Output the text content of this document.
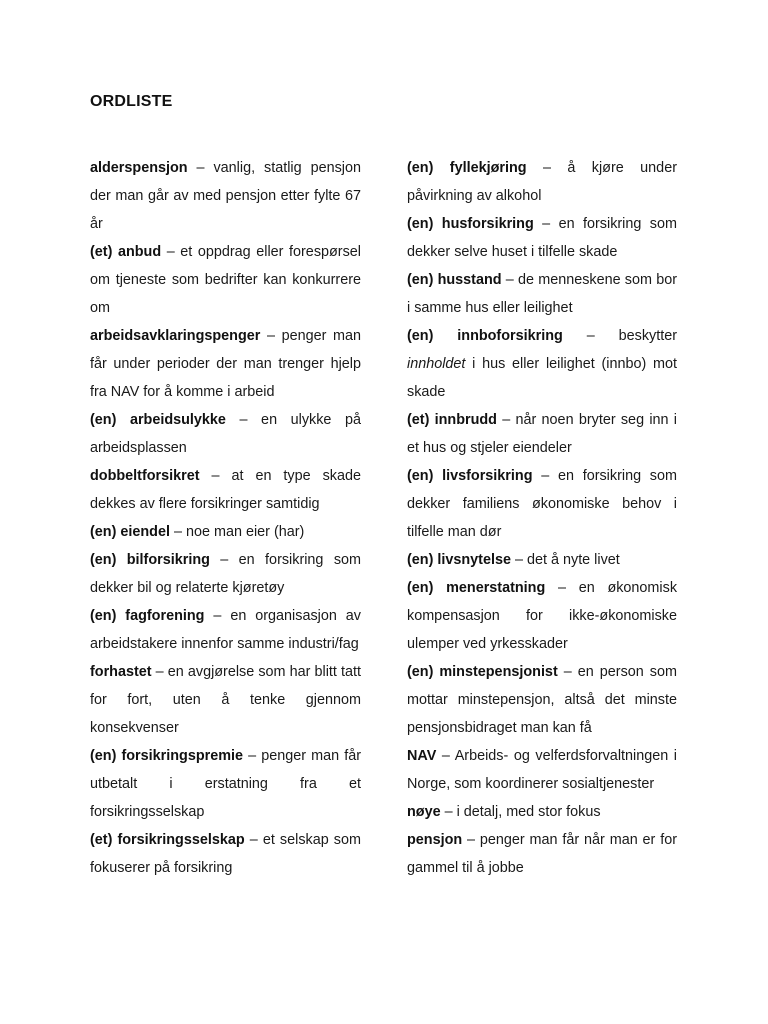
ORDLISTE

alderspensjon – vanlig, statlig pensjon der man går av med pensjon etter fylte 67 år

(et) anbud – et oppdrag eller forespørsel om tjeneste som bedrifter kan konkurrere om

arbeidsavklaringspenger – penger man får under perioder der man trenger hjelp fra NAV for å komme i arbeid

(en) arbeidsulykke – en ulykke på arbeidsplassen

dobbeltforsikret – at en type skade dekkes av flere forsikringer samtidig

(en) eiendel – noe man eier (har)

(en) bilforsikring – en forsikring som dekker bil og relaterte kjøretøy

(en) fagforening – en organisasjon av arbeidstakere innenfor samme industri/fag

forhastet – en avgjørelse som har blitt tatt for fort, uten å tenke gjennom konsekvenser

(en) forsikringspremie – penger man får utbetalt i erstatning fra et forsikringsselskap

(et) forsikringsselskap – et selskap som fokuserer på forsikring

(en) fyllekjøring – å kjøre under påvirkning av alkohol

(en) husforsikring – en forsikring som dekker selve huset i tilfelle skade

(en) husstand – de menneskene som bor i samme hus eller leilighet

(en) innboforsikring – beskytter innholdet i hus eller leilighet (innbo) mot skade

(et) innbrudd – når noen bryter seg inn i et hus og stjeler eiendeler

(en) livsforsikring – en forsikring som dekker familiens økonomiske behov i tilfelle man dør

(en) livsnytelse – det å nyte livet

(en) menerstatning – en økonomisk kompensasjon for ikke-økonomiske ulemper ved yrkesskader

(en) minstepensjonist – en person som mottar minstepensjon, altså det minste pensjonsbidraget man kan få

NAV – Arbeids- og velferdsforvaltningen i Norge, som koordinerer sosialtjenester

nøye – i detalj, med stor fokus

pensjon – penger man får når man er for gammel til å jobbe
